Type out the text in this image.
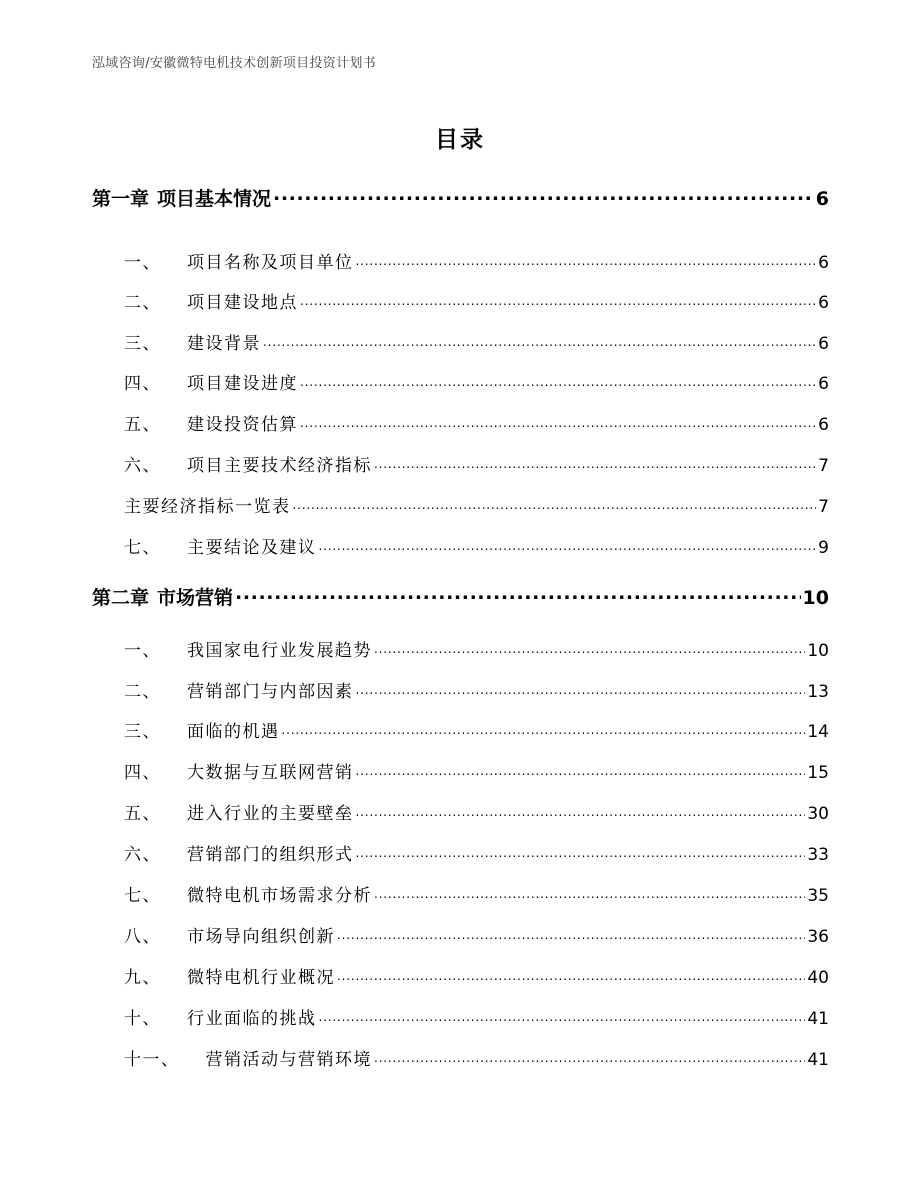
泓域咨询/安徽微特电机技术创新项目投资计划书
目录
第一章 项目基本情况 .....	6
一、 项目名称及项目单位 .....	6
二、 项目建设地点 .....	6
三、 建设背景 .....	6
四、 项目建设进度 .....	6
五、 建设投资估算 .....	6
六、 项目主要技术经济指标 .....	7
主要经济指标一览表 .....	7
七、 主要结论及建议 .....	9
第二章 市场营销 .....	10
一、 我国家电行业发展趋势 .....	10
二、 营销部门与内部因素 .....	13
三、 面临的机遇 .....	14
四、 大数据与互联网营销 .....	15
五、 进入行业的主要壁垒 .....	30
六、 营销部门的组织形式 .....	33
七、 微特电机市场需求分析 .....	35
八、 市场导向组织创新 .....	36
九、 微特电机行业概况 .....	40
十、 行业面临的挑战 .....	41
十一、 营销活动与营销环境 .....	41
